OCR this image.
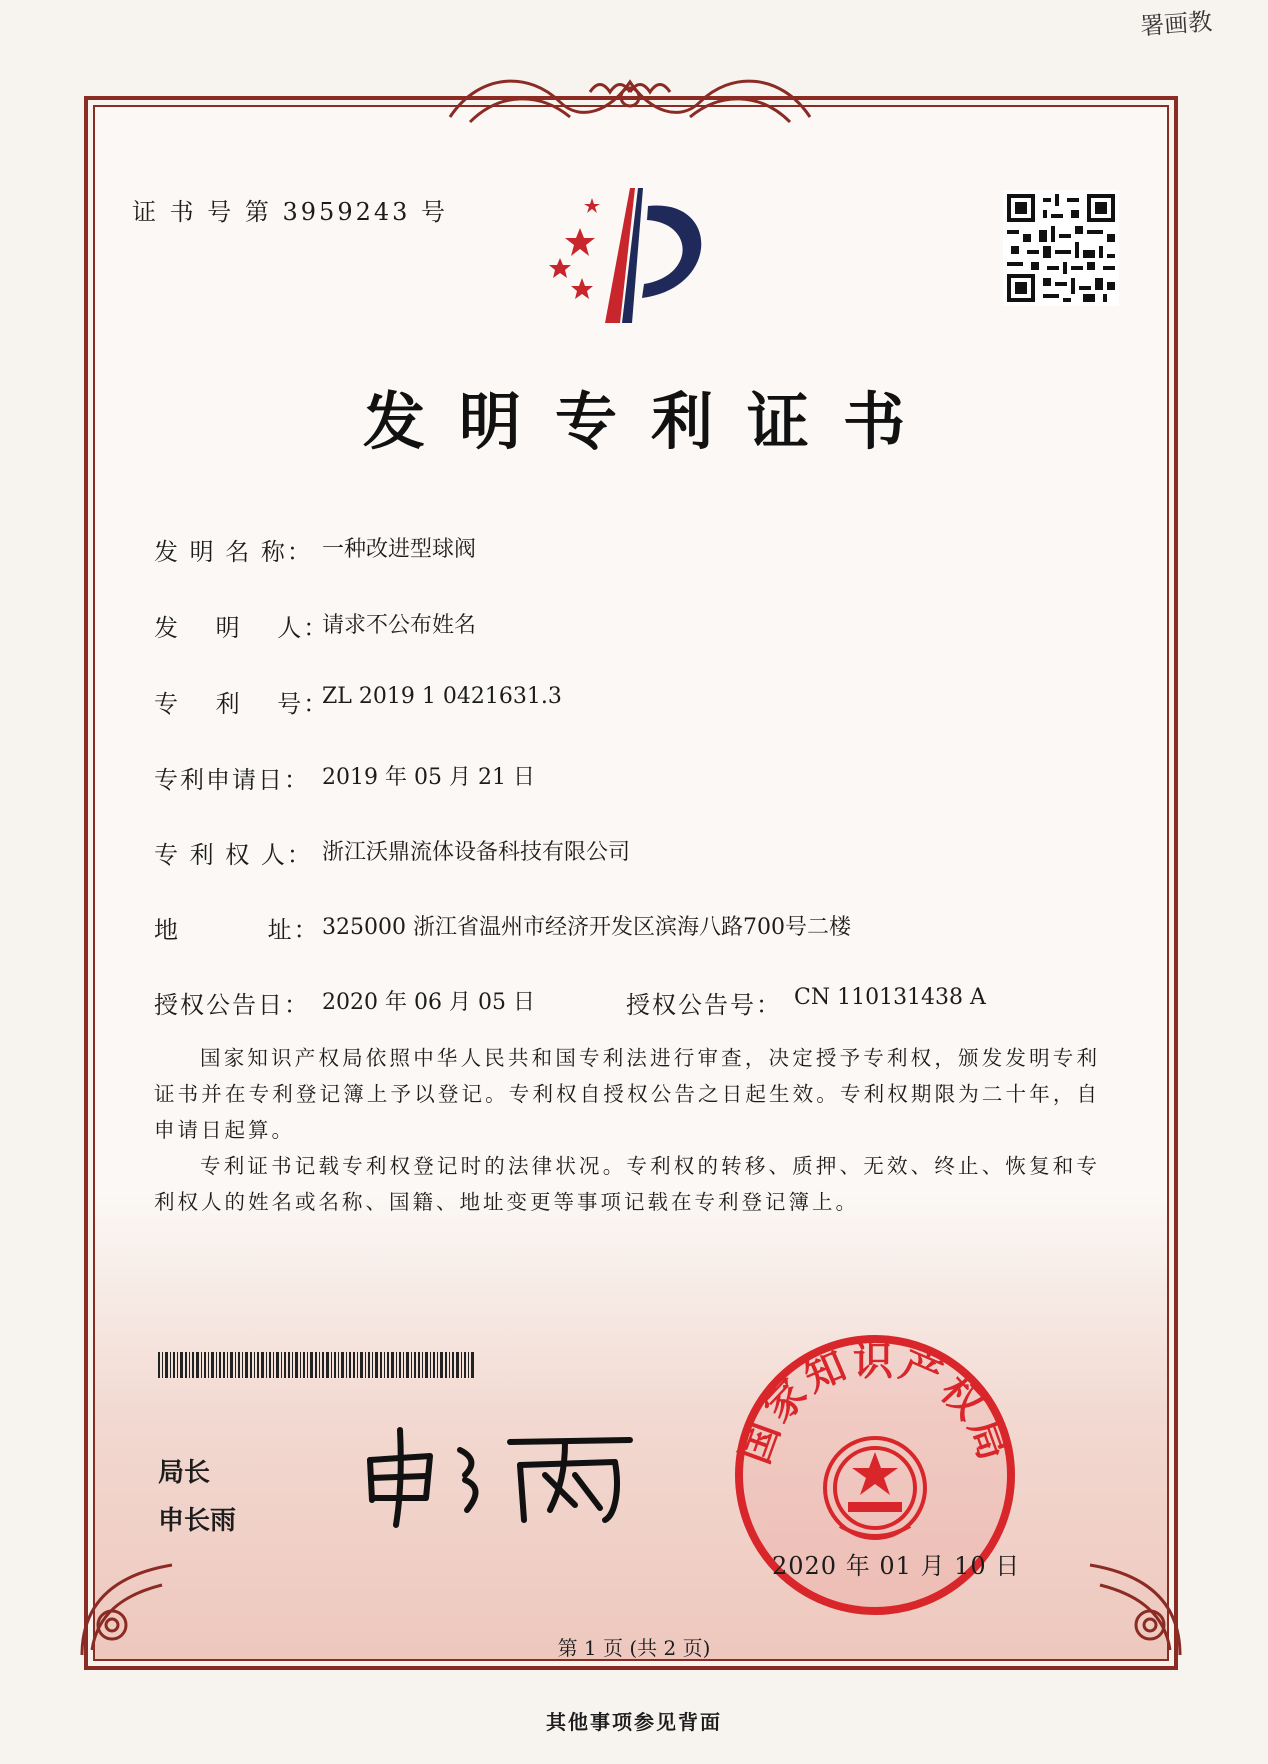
署画教
证 书 号 第 3959243 号
发明专利证书
发 明 名 称： 一种改进型球阀
发　 明　 人：
请求不公布姓名
专　 利　 号：
ZL 2019 1 0421631.3
专利申请日： 2019 年 05 月 21 日
专 利 权 人： 浙江沃鼎流体设备科技有限公司
地　　　 址： 325000 浙江省温州市经济开发区滨海八路700号二楼
授权公告日： 2020 年 06 月 05 日	授权公告号： CN 110131438 A

国家知识产权局依照中华人民共和国专利法进行审查，决定授予专利权，颁发发明专利证书并在专利登记簿上予以登记。专利权自授权公告之日起生效。专利权期限为二十年，自申请日起算。

专利证书记载专利权登记时的法律状况。专利权的转移、质押、无效、终止、恢复和专利权人的姓名或名称、国籍、地址变更等事项记载在专利登记簿上。

局长
申长雨
国家知识产权局
2020 年 01 月 10 日
第 1 页 (共 2 页)
其他事项参见背面
